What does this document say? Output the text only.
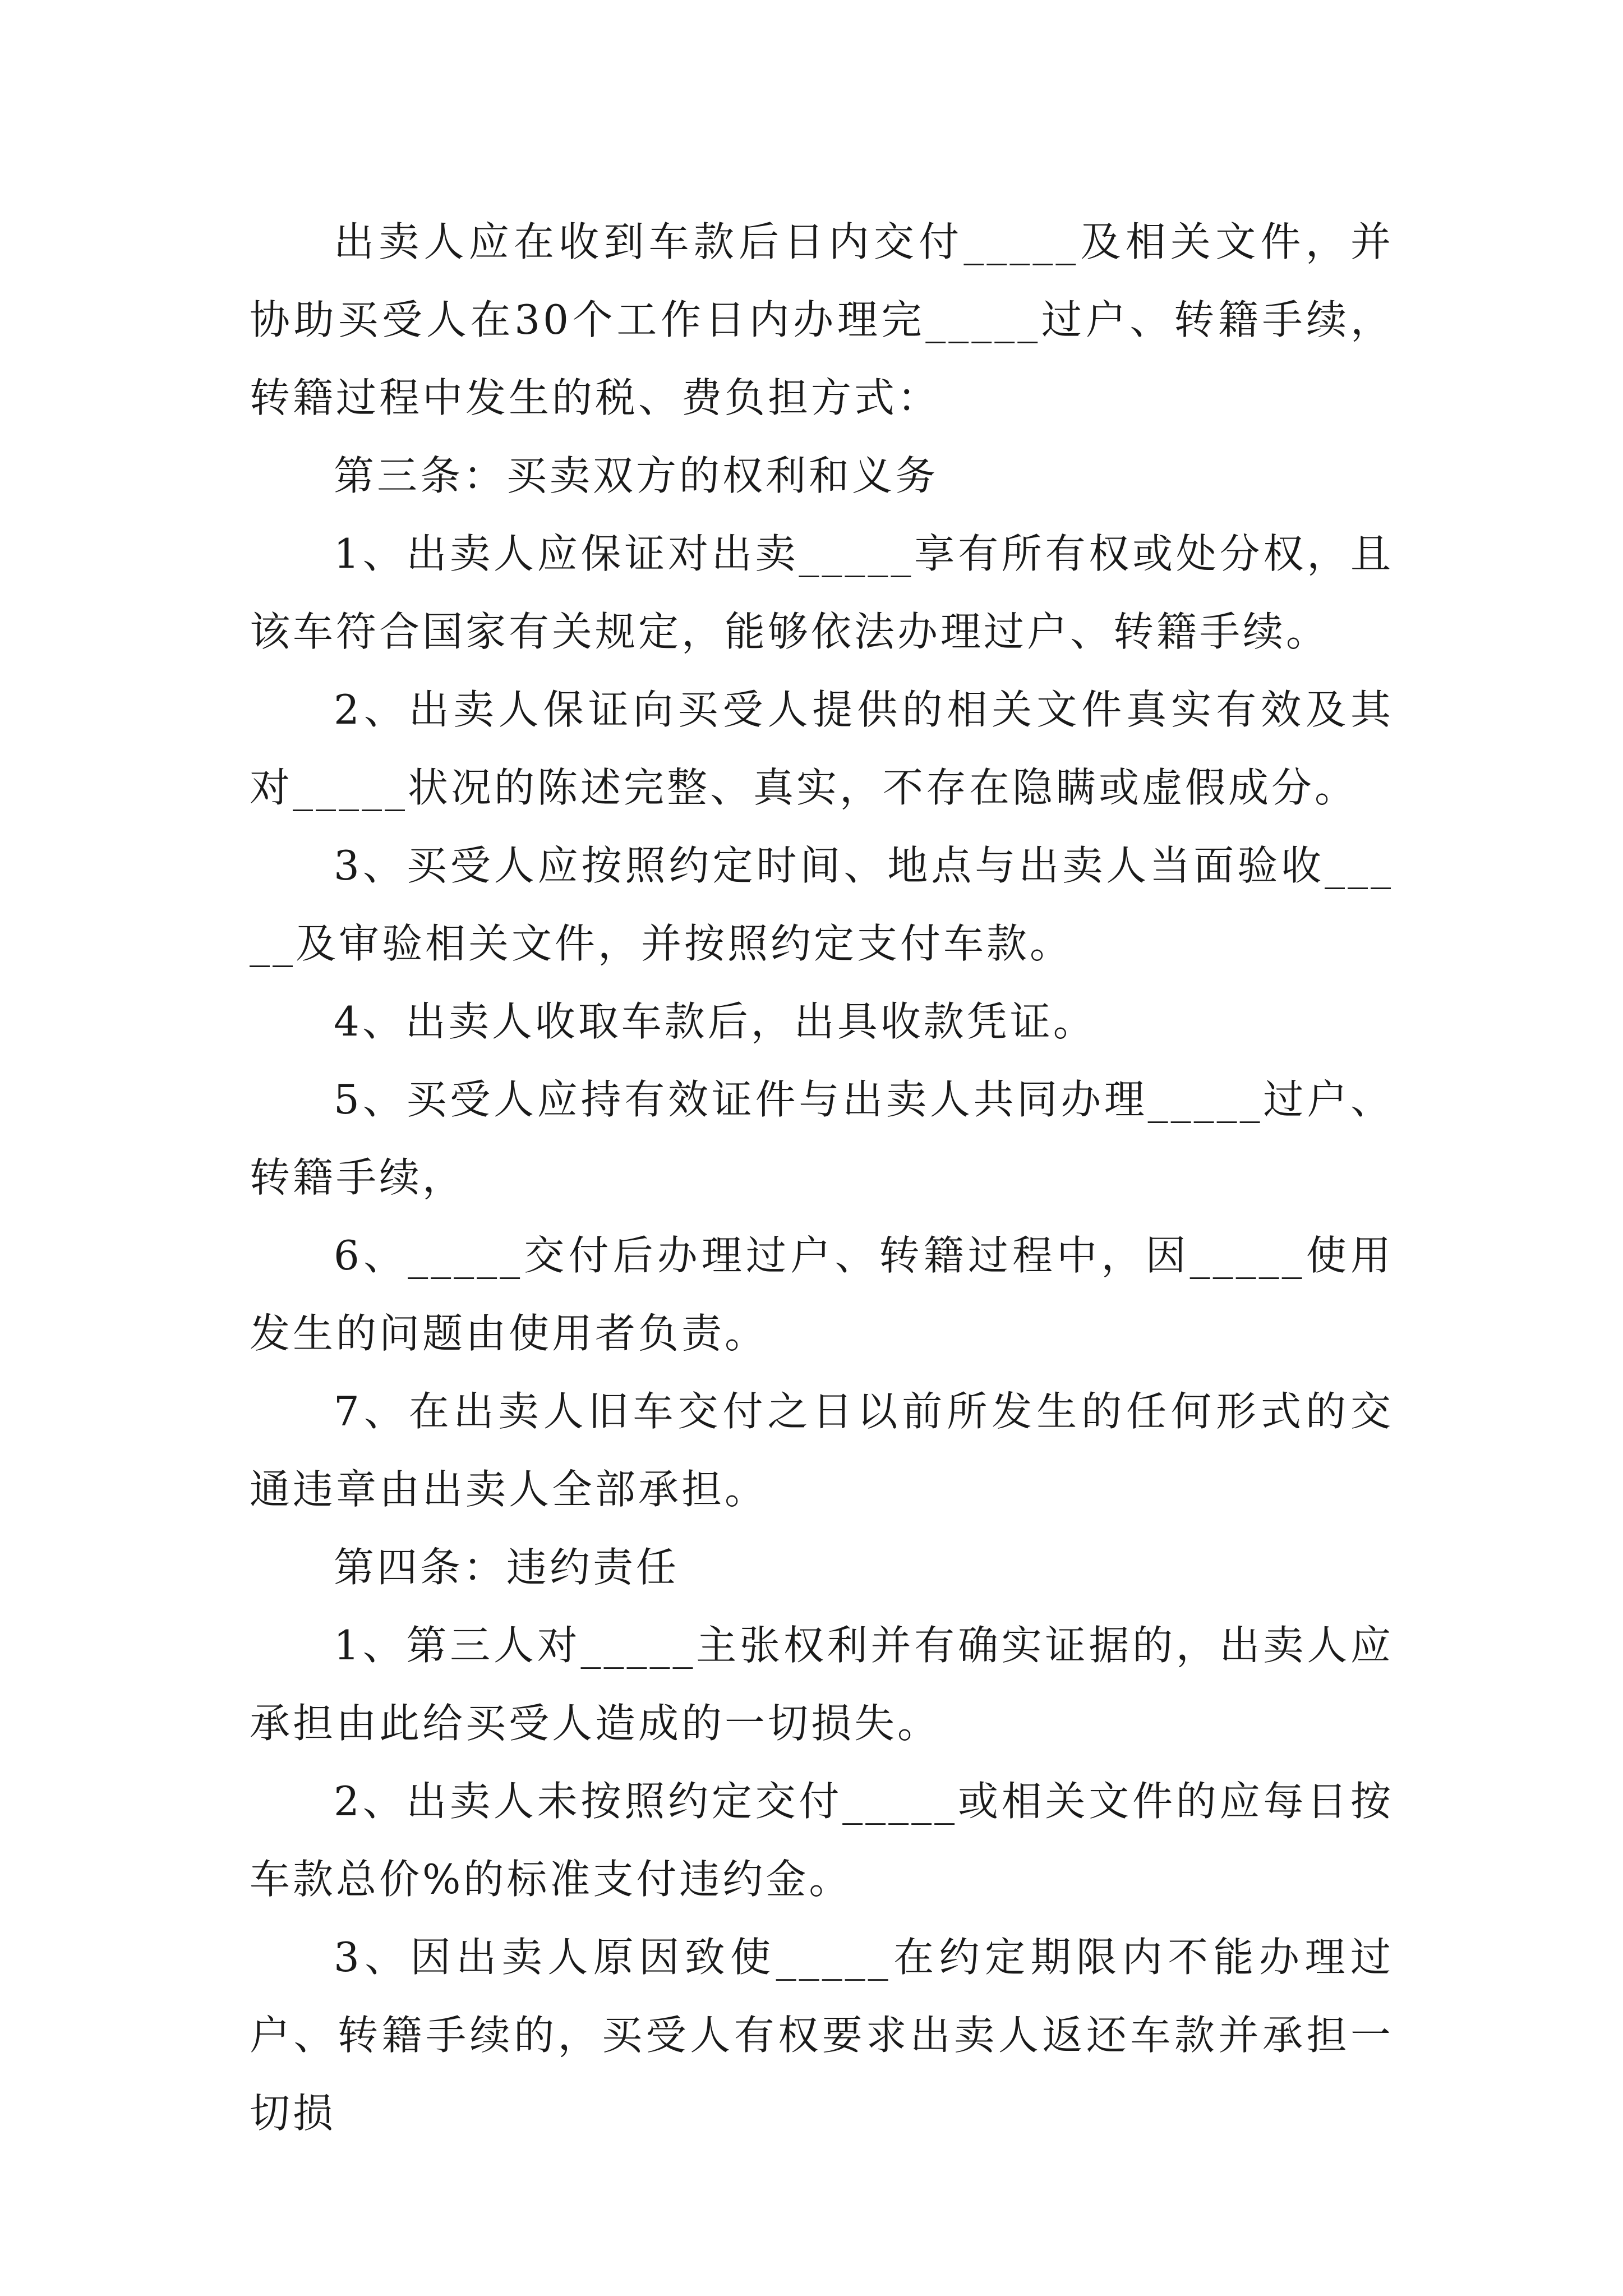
出卖人应在收到车款后日内交付_____及相关文件，并协助买受人在30个工作日内办理完_____过户、转籍手续，转籍过程中发生的税、费负担方式：

第三条：买卖双方的权利和义务

1、出卖人应保证对出卖_____享有所有权或处分权，且该车符合国家有关规定，能够依法办理过户、转籍手续。

2、出卖人保证向买受人提供的相关文件真实有效及其对_____状况的陈述完整、真实，不存在隐瞒或虚假成分。

3、买受人应按照约定时间、地点与出卖人当面验收_____及审验相关文件，并按照约定支付车款。

4、出卖人收取车款后，出具收款凭证。

5、买受人应持有效证件与出卖人共同办理_____过户、转籍手续，

6、_____交付后办理过户、转籍过程中，因_____使用发生的问题由使用者负责。

7、在出卖人旧车交付之日以前所发生的任何形式的交通违章由出卖人全部承担。

第四条：违约责任

1、第三人对_____主张权利并有确实证据的，出卖人应承担由此给买受人造成的一切损失。

2、出卖人未按照约定交付_____或相关文件的应每日按车款总价%的标准支付违约金。

3、因出卖人原因致使_____在约定期限内不能办理过户、转籍手续的，买受人有权要求出卖人返还车款并承担一切损
